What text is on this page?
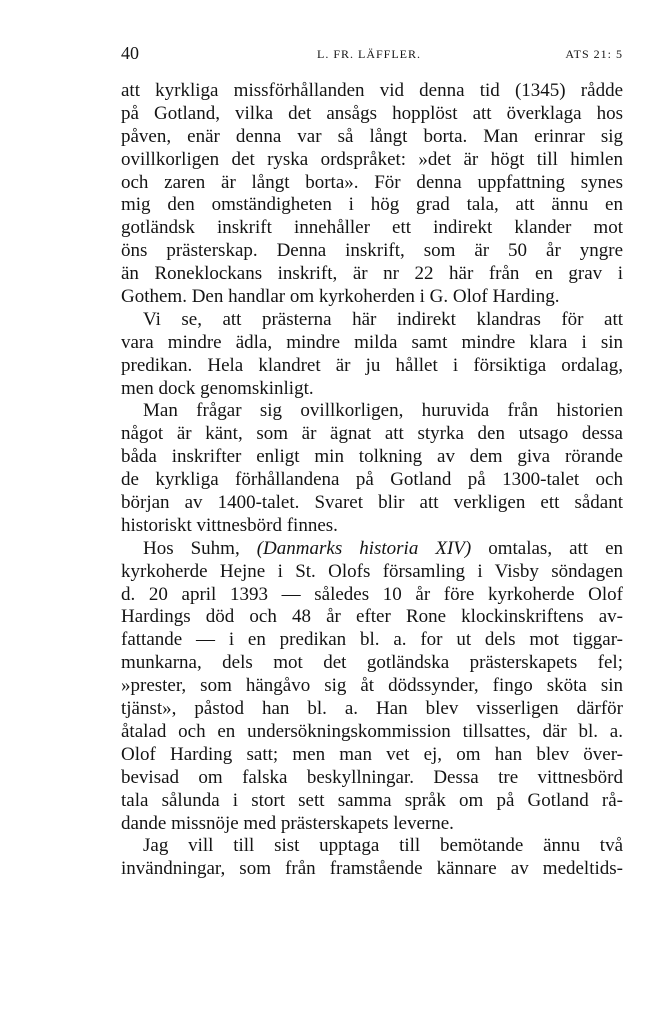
40	L. FR. LÄFFLER.	ATS 21: 5
att kyrkliga missförhållanden vid denna tid (1345) rådde
på Gotland, vilka det ansågs hopplöst att överklaga hos
påven, enär denna var så långt borta. Man erinrar sig
ovillkorligen det ryska ordspråket: »det är högt till himlen
och zaren är långt borta». För denna uppfattning synes
mig den omständigheten i hög grad tala, att ännu en
gotländsk inskrift innehåller ett indirekt klander mot
öns prästerskap. Denna inskrift, som är 50 år yngre
än Roneklockans inskrift, är nr 22 här från en grav i
Gothem. Den handlar om kyrkoherden i G. Olof Harding.
Vi se, att prästerna här indirekt klandras för att
vara mindre ädla, mindre milda samt mindre klara i sin
predikan. Hela klandret är ju hållet i försiktiga ordalag,
men dock genomskinligt.
Man frågar sig ovillkorligen, huruvida från historien
något är känt, som är ägnat att styrka den utsago dessa
båda inskrifter enligt min tolkning av dem giva rörande
de kyrkliga förhållandena på Gotland på 1300-talet och
början av 1400-talet. Svaret blir att verkligen ett sådant
historiskt vittnesbörd finnes.
Hos Suhm, (Danmarks historia XIV) omtalas, att en
kyrkoherde Hejne i St. Olofs församling i Visby söndagen
d. 20 april 1393 — således 10 år före kyrkoherde Olof
Hardings död och 48 år efter Rone klockinskriftens av-
fattande — i en predikan bl. a. for ut dels mot tiggar-
munkarna, dels mot det gotländska prästerskapets fel;
»prester, som hängåvo sig åt dödssynder, fingo sköta sin
tjänst», påstod han bl. a. Han blev visserligen därför
åtalad och en undersökningskommission tillsattes, där bl. a.
Olof Harding satt; men man vet ej, om han blev över-
bevisad om falska beskyllningar. Dessa tre vittnesbörd
tala sålunda i stort sett samma språk om på Gotland rå-
dande missnöje med prästerskapets leverne.
Jag vill till sist upptaga till bemötande ännu två
invändningar, som från framstående kännare av medeltids-
